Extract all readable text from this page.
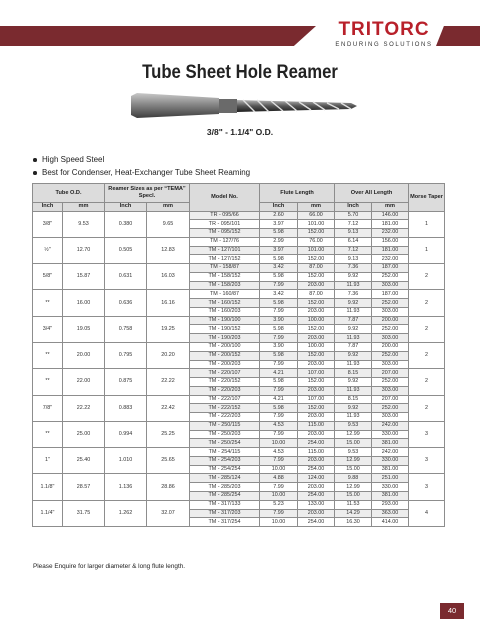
TRITORC
ENDURING SOLUTIONS
Tube Sheet Hole Reamer
3/8" - 1.1/4" O.D.
High Speed Steel
Best for Condenser, Heat-Exchanger Tube Sheet Reaming
Tube O.D.		Reamer Sizes as per “TEMA” Specl.		Model No.	Flute Length		Over All Length		Morse Taper
Inch	mm	Inch	mm		Inch	mm	Inch	mm	
3/8"	9.53	0.380	9.65	TR - 095/66	2.60	66.00	5.70	146.00	1
				TR - 095/101	3.97	101.00	7.12	181.00	
				TM - 095/152	5.98	152.00	9.13	232.00	
½"	12.70	0.505	12.83	TM - 127/76	2.99	76.00	6.14	156.00	1
				TM - 127/101	3.97	101.00	7.12	181.00	
				TM - 127/152	5.98	152.00	9.13	232.00	
5/8"	15.87	0.631	16.03	TM - 158/87	3.42	87.00	7.36	187.00	2
				TM - 158/152	5.98	152.00	9.92	252.00	
				TM - 158/203	7.99	203.00	11.93	303.00	
**	16.00	0.636	16.16	TM - 160/87	3.42	87.00	7.36	187.00	2
				TM - 160/152	5.98	152.00	9.92	252.00	
				TM - 160/203	7.99	203.00	11.93	303.00	
3/4"	19.05	0.758	19.25	TM - 190/100	3.90	100.00	7.87	200.00	2
				TM - 190/152	5.98	152.00	9.92	252.00	
				TM - 190/203	7.99	203.00	11.93	303.00	
**	20.00	0.795	20.20	TM - 200/100	3.90	100.00	7.87	200.00	2
				TM - 200/152	5.98	152.00	9.92	252.00	
				TM - 200/203	7.99	203.00	11.93	303.00	
**	22.00	0.875	22.22	TM - 220/107	4.21	107.00	8.15	207.00	2
				TM - 220/152	5.98	152.00	9.92	252.00	
				TM - 220/203	7.99	203.00	11.93	303.00	
7/8"	22.22	0.883	22.42	TM - 222/107	4.21	107.00	8.15	207.00	2
				TM - 222/152	5.98	152.00	9.92	252.00	
				TM - 222/203	7.99	203.00	11.93	303.00	
**	25.00	0.994	25.25	TM - 250/115	4.53	115.00	9.53	242.00	3
				TM - 250/203	7.99	203.00	12.99	330.00	
				TM - 250/254	10.00	254.00	15.00	381.00	
1"	25.40	1.010	25.65	TM - 254/115	4.53	115.00	9.53	242.00	3
				TM - 254/203	7.99	203.00	12.99	330.00	
				TM - 254/254	10.00	254.00	15.00	381.00	
1.1/8"	28.57	1.136	28.86	TM - 285/124	4.88	124.00	9.88	251.00	3
				TM - 285/203	7.99	203.00	12.99	330.00	
				TM - 285/254	10.00	254.00	15.00	381.00	
1.1/4"	31.75	1.262	32.07	TM - 317/133	5.23	133.00	11.53	293.00	4
				TM - 317/203	7.99	203.00	14.29	363.00	
				TM - 317/254	10.00	254.00	16.30	414.00	
Please Enquire for larger diameter & long flute length.
40
